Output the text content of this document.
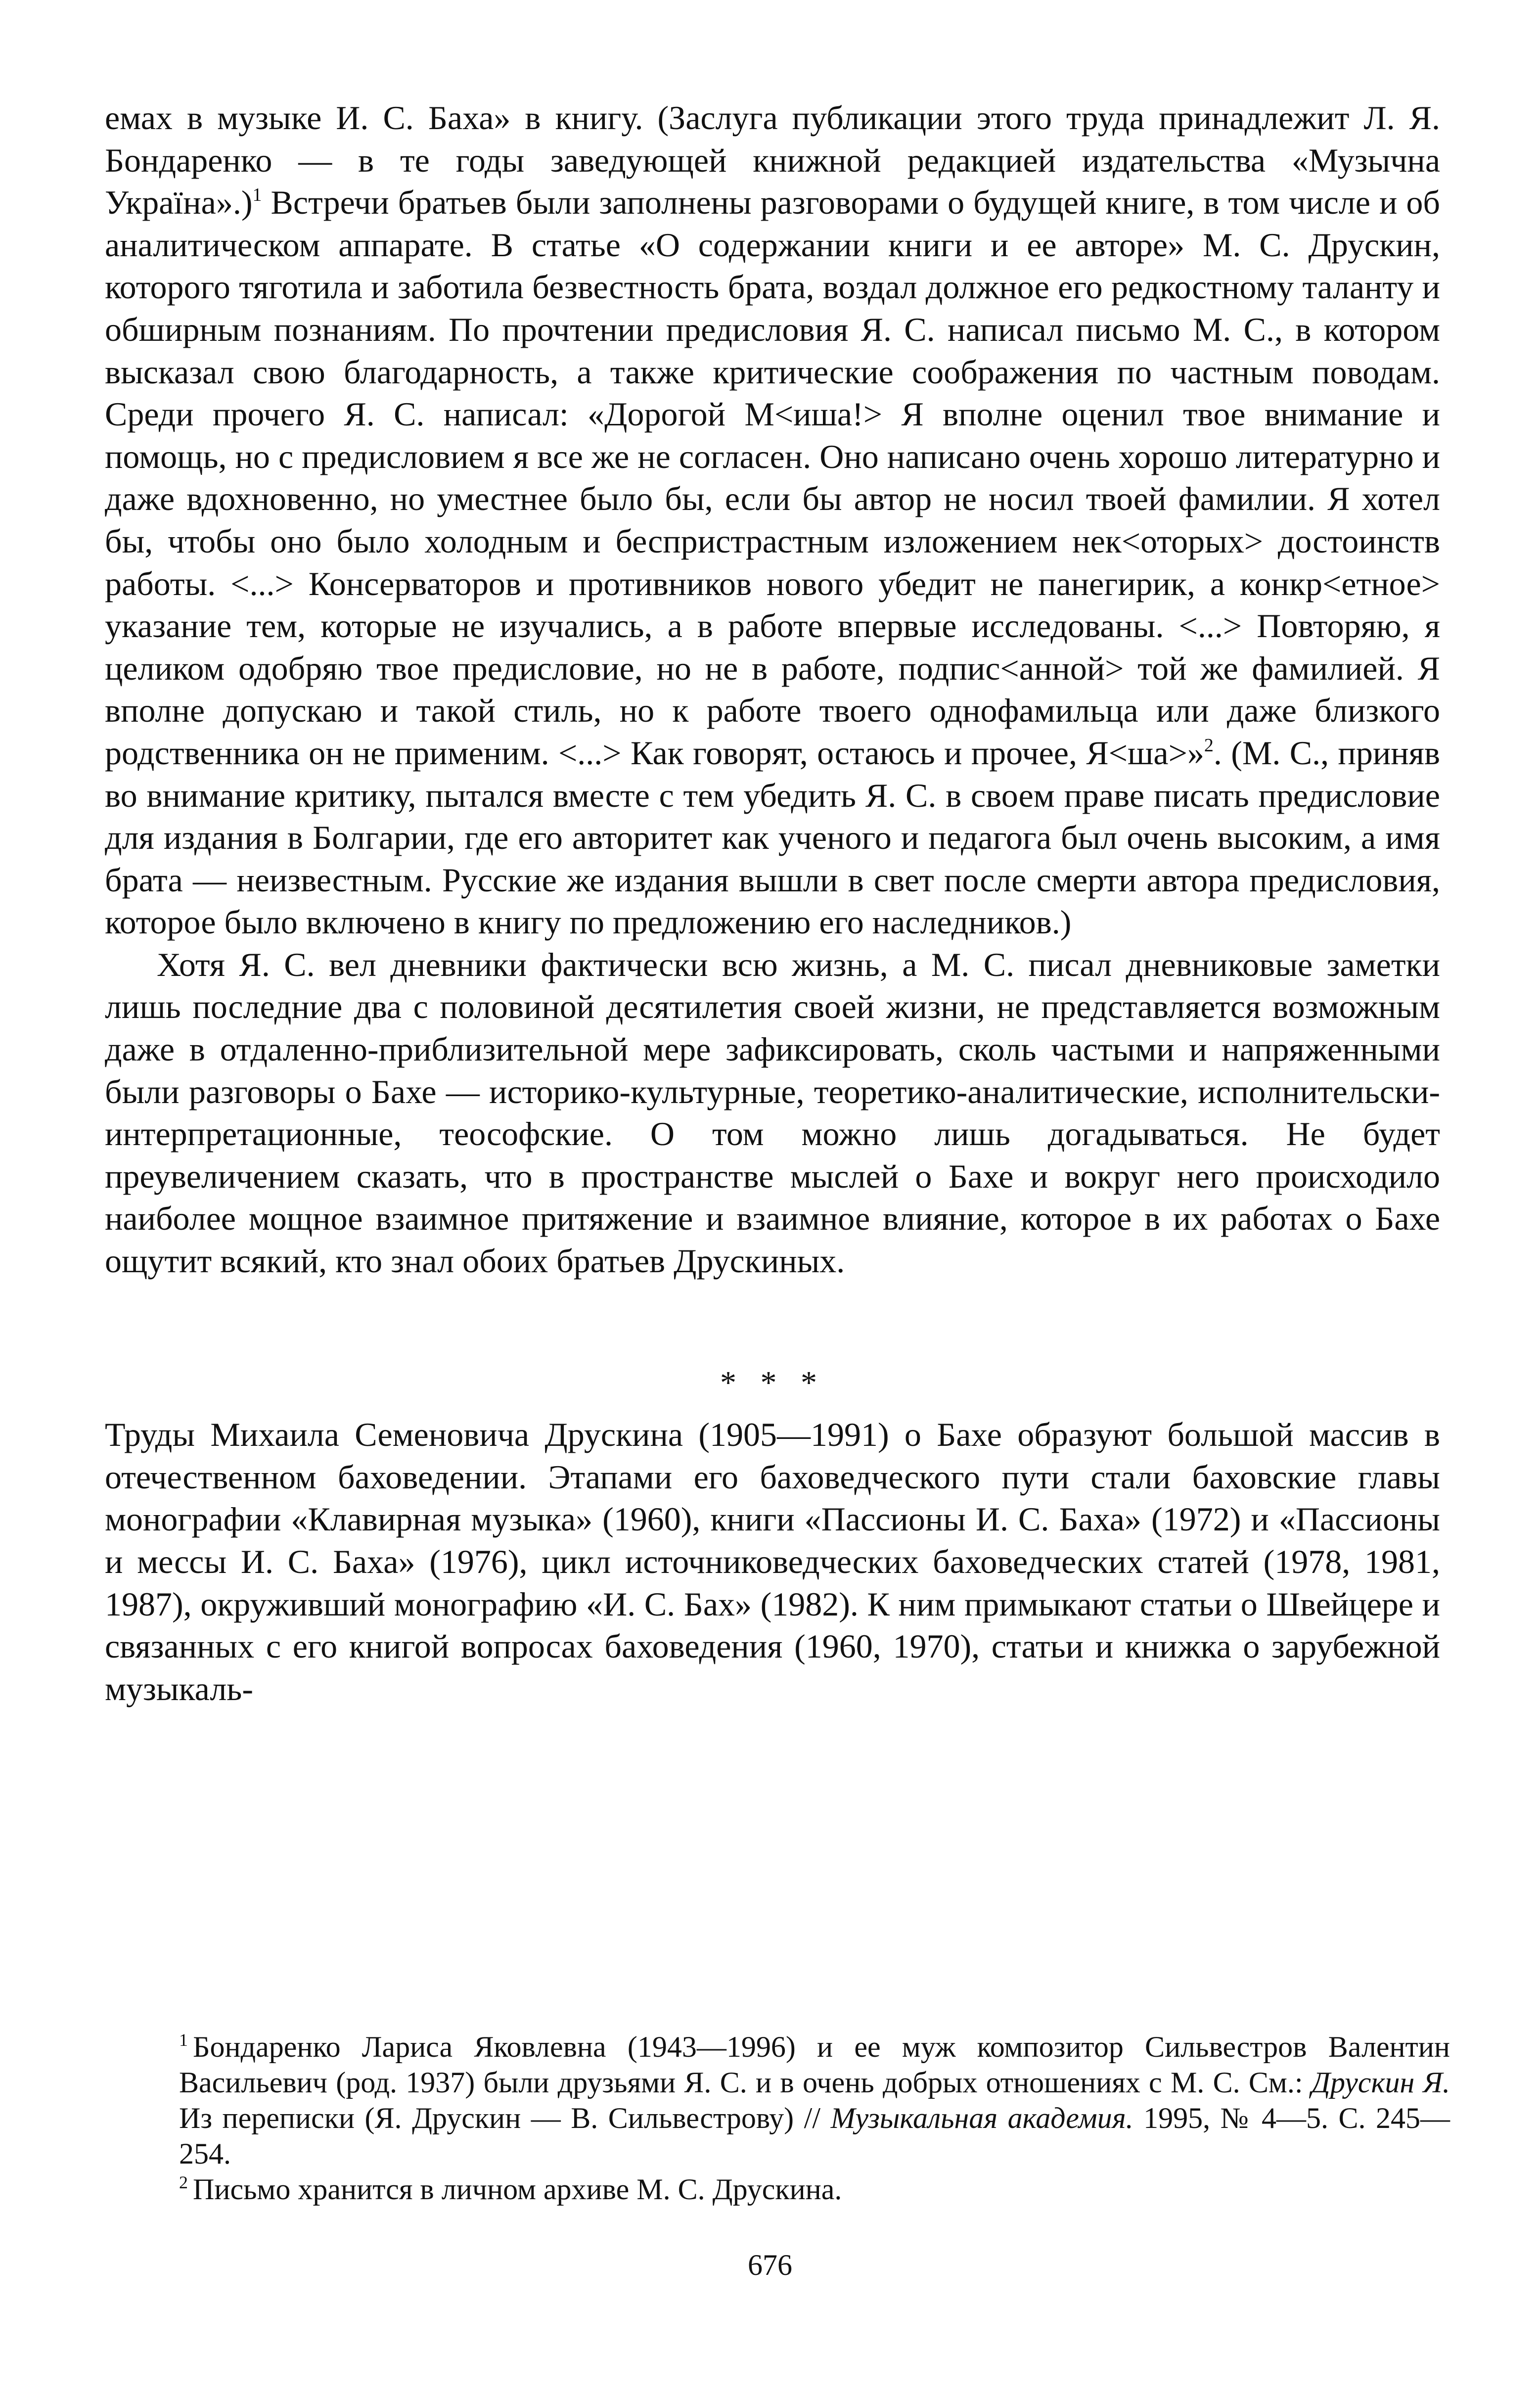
емах в музыке И. С. Баха» в книгу. (Заслуга публикации этого труда принадлежит Л. Я. Бондаренко — в те годы заведующей книжной редакцией издательства «Музычна Украïна».)$^1$ Встречи братьев были заполнены разговорами о будущей книге, в том числе и об аналитическом аппарате. В статье «О содержании книги и ее авторе» М. С. Друскин, которого тяготила и заботила безвестность брата, воздал должное его редкостному таланту и обширным познаниям. По прочтении предисловия Я. С. написал письмо М. С., в котором высказал свою благодарность, а также критические соображения по частным поводам. Среди прочего Я. С. написал: «Дорогой М<иша!> Я вполне оценил твое внимание и помощь, но с предисловием я все же не согласен. Оно написано очень хорошо литературно и даже вдохновенно, но уместнее было бы, если бы автор не носил твоей фамилии. Я хотел бы, чтобы оно было холодным и беспристрастным изложением нек<оторых> достоинств работы. <...> Консерваторов и противников нового убедит не панегирик, а конкр<етное> указание тем, которые не изучались, а в работе впервые исследованы. <...> Повторяю, я целиком одобряю твое предисловие, но не в работе, подпис<анной> той же фамилией. Я вполне допускаю и такой стиль, но к работе твоего однофамильца или даже близкого родственника он не применим. <...> Как говорят, остаюсь и прочее, Я<ша>»$^2$. (М. С., приняв во внимание критику, пытался вместе с тем убедить Я. С. в своем праве писать предисловие для издания в Болгарии, где его авторитет как ученого и педагога был очень высоким, а имя брата — неизвестным. Русские же издания вышли в свет после смерти автора предисловия, которое было включено в книгу по предложению его наследников.)

Хотя Я. С. вел дневники фактически всю жизнь, а М. С. писал дневниковые заметки лишь последние два с половиной десятилетия своей жизни, не представляется возможным даже в отдаленно-приблизительной мере зафиксировать, сколь частыми и напряженными были разговоры о Бахе — историко-культурные, теоретико-аналитические, исполнительски-интерпретационные, теософские. О том можно лишь догадываться. Не будет преувеличением сказать, что в пространстве мыслей о Бахе и вокруг него происходило наиболее мощное взаимное притяжение и взаимное влияние, которое в их работах о Бахе ощутит всякий, кто знал обоих братьев Друскиных.

* * *

Труды Михаила Семеновича Друскина (1905—1991) о Бахе образуют большой массив в отечественном баховедении. Этапами его баховедческого пути стали баховские главы монографии «Клавирная музыка» (1960), книги «Пассионы И. С. Баха» (1972) и «Пассионы и мессы И. С. Баха» (1976), цикл источниковедческих баховедческих статей (1978, 1981, 1987), окруживший монографию «И. С. Бах» (1982). К ним примыкают статьи о Швейцере и связанных с его книгой вопросах баховедения (1960, 1970), статьи и книжка о зарубежной музыкаль-

$^1$ Бондаренко Лариса Яковлевна (1943—1996) и ее муж композитор Сильвестров Валентин Васильевич (род. 1937) были друзьями Я. С. и в очень добрых отношениях с М. С. См.: Друскин Я. Из переписки (Я. Друскин — В. Сильвестрову) // Музыкальная академия. 1995, № 4—5. С. 245—254.

$^2$ Письмо хранится в личном архиве М. С. Друскина.

676
